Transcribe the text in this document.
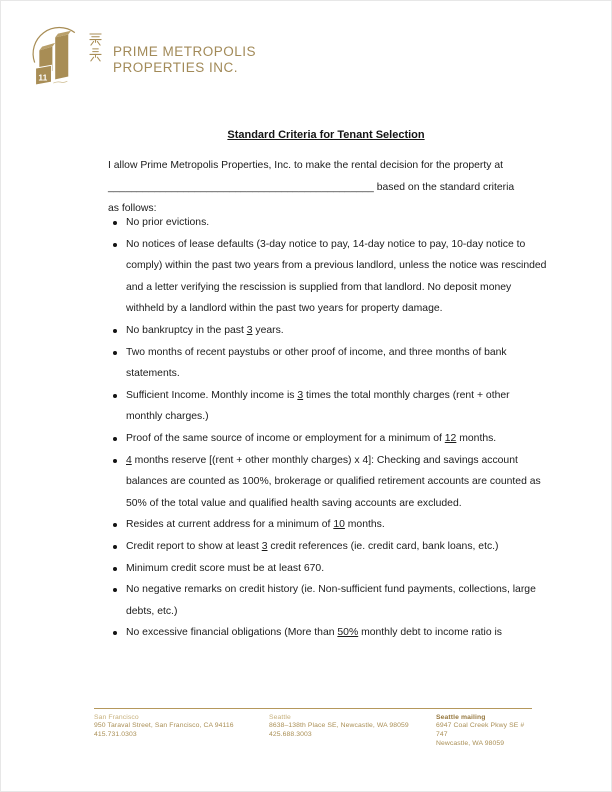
11
PRIME METROPOLIS
PROPERTIES INC.
Standard Criteria for Tenant Selection
I allow Prime Metropolis Properties, Inc. to make the rental decision for the property at
______________________________________________ based on the standard criteria
as follows:
No prior evictions.
No notices of lease defaults (3-day notice to pay, 14-day notice to pay, 10-day notice to comply) within the past two years from a previous landlord, unless the notice was rescinded and a letter verifying the rescission is supplied from that landlord. No deposit money withheld by a landlord within the past two years for property damage.
No bankruptcy in the past 3 years.
Two months of recent paystubs or other proof of income, and three months of bank statements.
Sufficient Income. Monthly income is 3 times the total monthly charges (rent + other monthly charges.)
Proof of the same source of income or employment for a minimum of 12 months.
4 months reserve [(rent + other monthly charges) x 4]: Checking and savings account balances are counted as 100%, brokerage or qualified retirement accounts are counted as 50% of the total value and qualified health saving accounts are excluded.
Resides at current address for a minimum of 10 months.
Credit report to show at least 3 credit references (ie. credit card, bank loans, etc.)
Minimum credit score must be at least 670.
No negative remarks on credit history (ie. Non-sufficient fund payments, collections, large debts, etc.)
No excessive financial obligations (More than 50% monthly debt to income ratio is
San Francisco
950 Taraval Street, San Francisco, CA 94116
415.731.0303
Seattle
8638–138th Place SE, Newcastle, WA 98059
425.688.3003
Seattle mailing
6947 Coal Creek Pkwy SE # 747
Newcastle, WA 98059
